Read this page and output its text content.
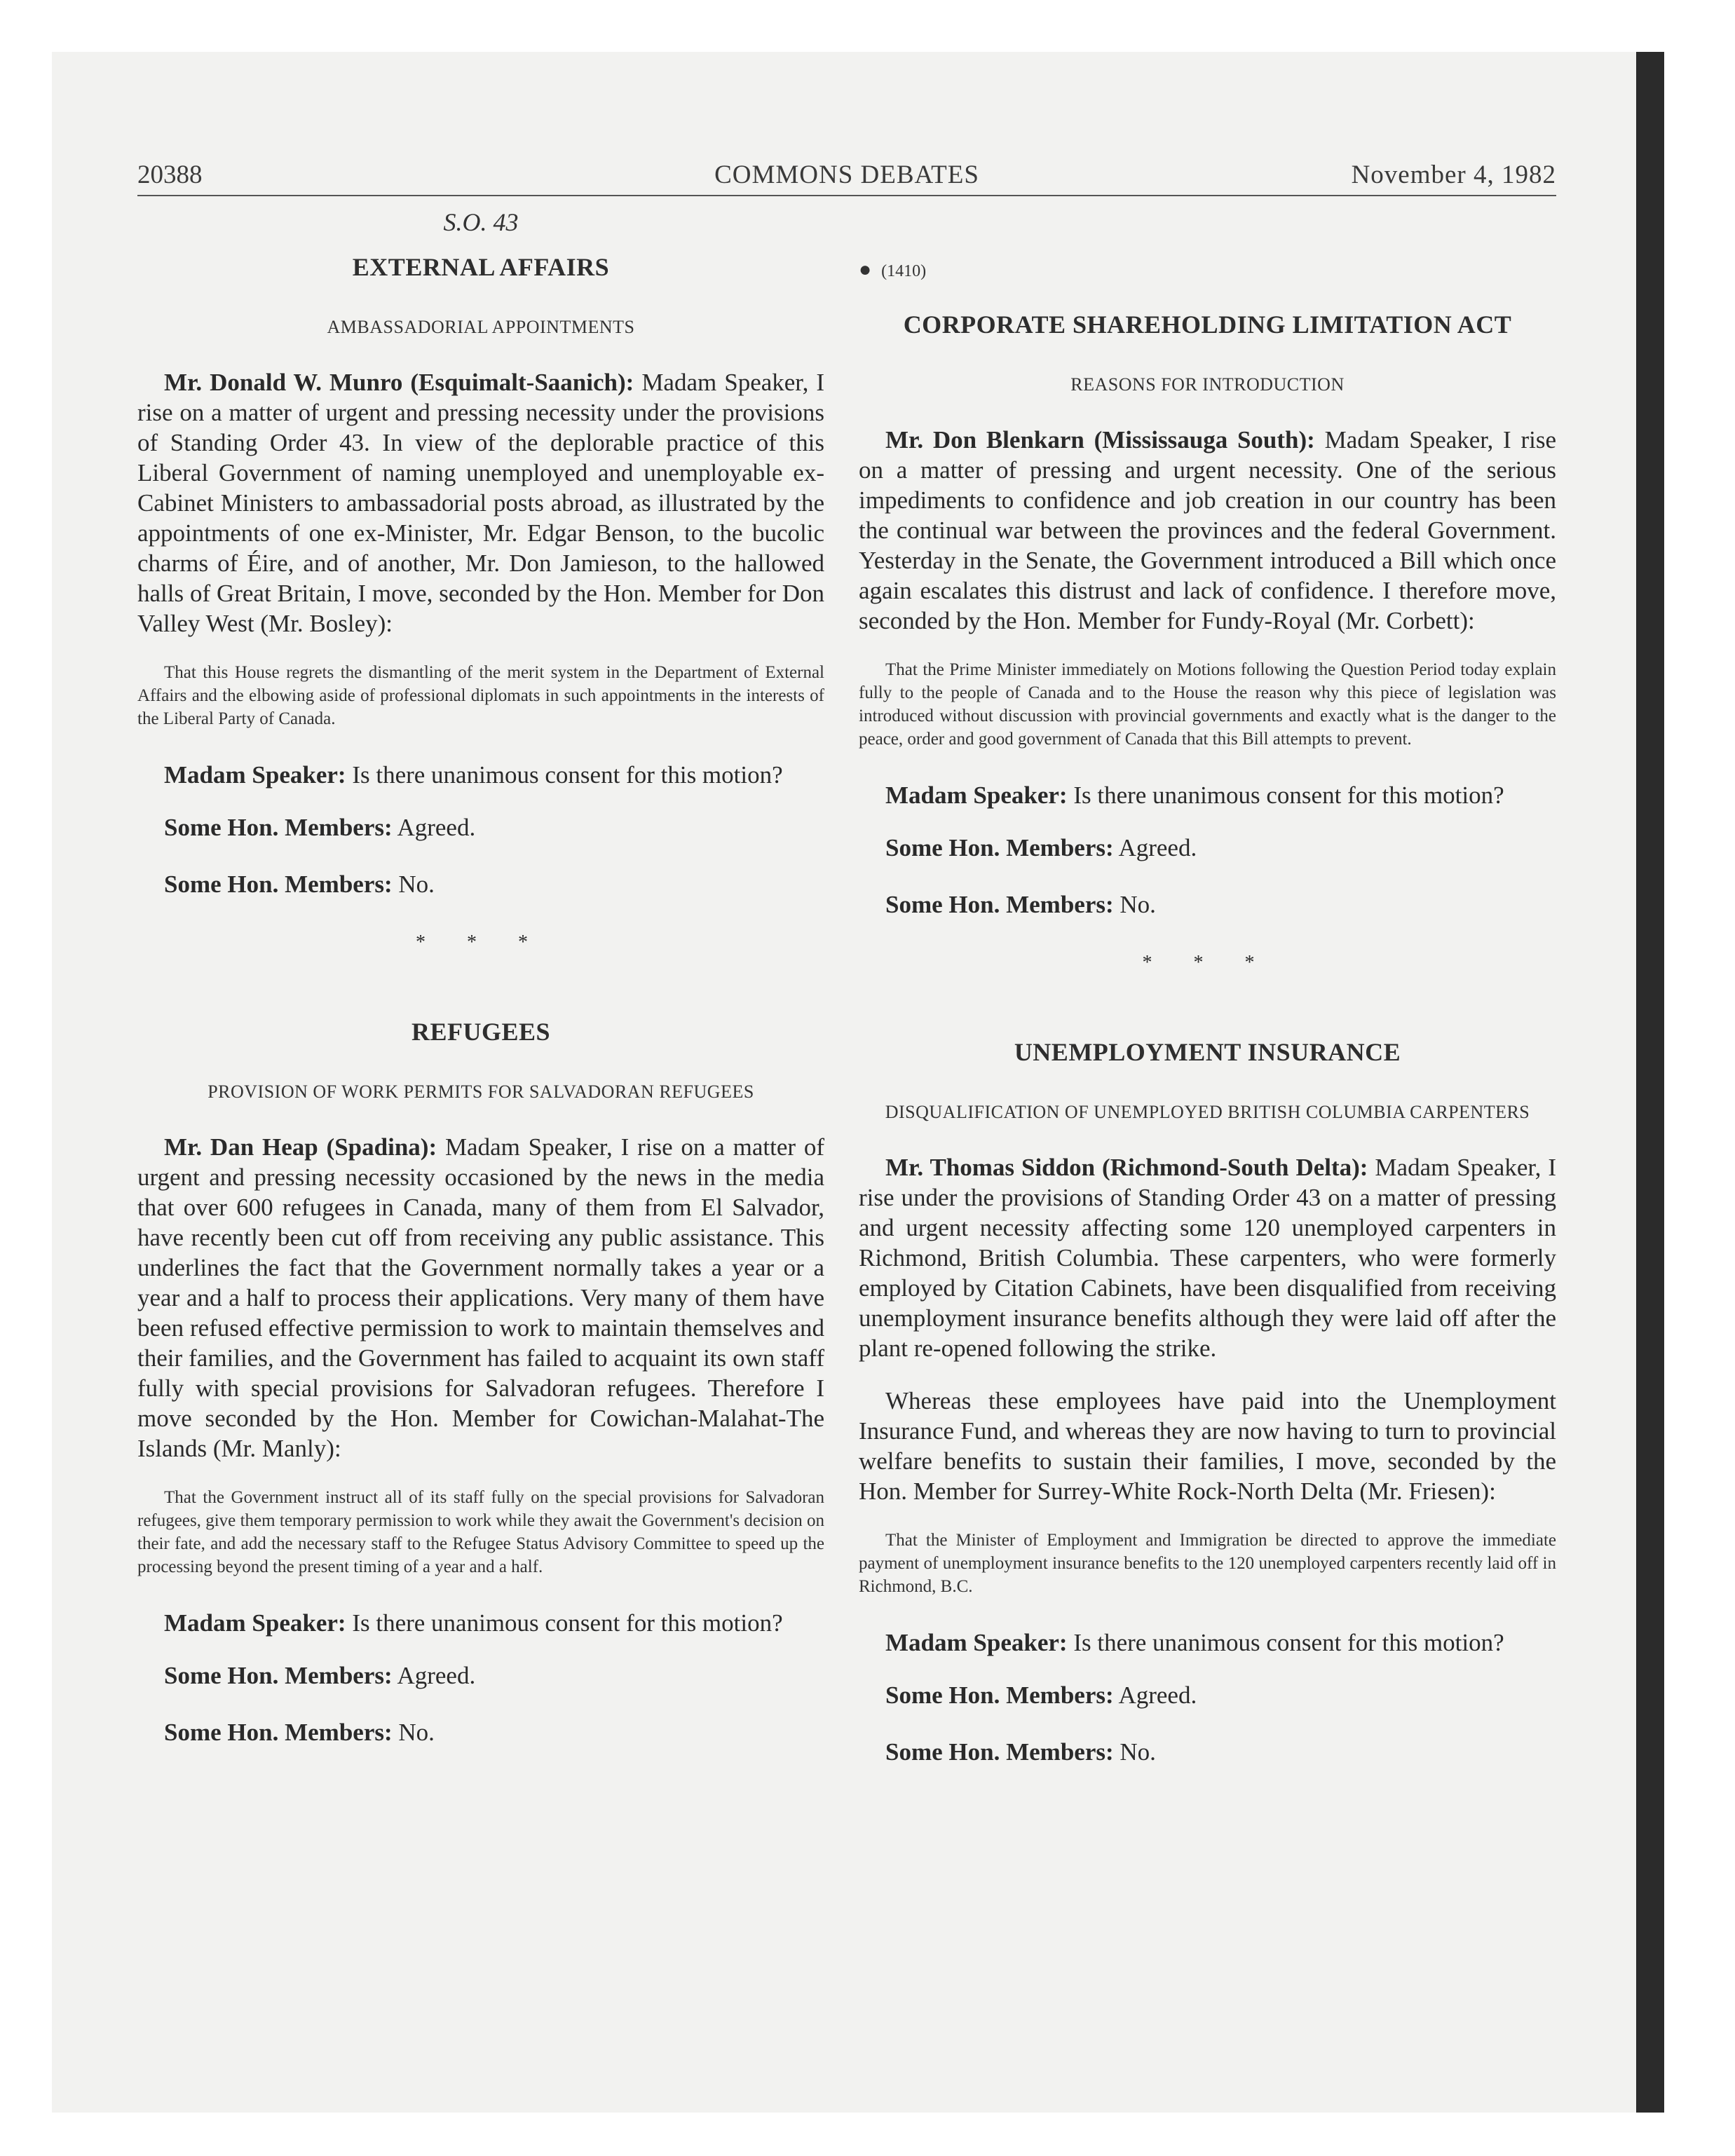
20388	COMMONS DEBATES	November 4, 1982
S.O. 43
EXTERNAL AFFAIRS
AMBASSADORIAL APPOINTMENTS

Mr. Donald W. Munro (Esquimalt-Saanich): Madam Speaker, I rise on a matter of urgent and pressing necessity under the provisions of Standing Order 43. In view of the deplorable practice of this Liberal Government of naming unemployed and unemployable ex-Cabinet Ministers to ambassadorial posts abroad, as illustrated by the appointments of one ex-Minister, Mr. Edgar Benson, to the bucolic charms of Éire, and of another, Mr. Don Jamieson, to the hallowed halls of Great Britain, I move, seconded by the Hon. Member for Don Valley West (Mr. Bosley):

That this House regrets the dismantling of the merit system in the Department of External Affairs and the elbowing aside of professional diplomats in such appointments in the interests of the Liberal Party of Canada.

Madam Speaker: Is there unanimous consent for this motion?

Some Hon. Members: Agreed.

Some Hon. Members: No.

* * *
REFUGEES
PROVISION OF WORK PERMITS FOR SALVADORAN REFUGEES

Mr. Dan Heap (Spadina): Madam Speaker, I rise on a matter of urgent and pressing necessity occasioned by the news in the media that over 600 refugees in Canada, many of them from El Salvador, have recently been cut off from receiving any public assistance. This underlines the fact that the Government normally takes a year or a year and a half to process their applications. Very many of them have been refused effective permission to work to maintain themselves and their families, and the Government has failed to acquaint its own staff fully with special provisions for Salvadoran refugees. Therefore I move seconded by the Hon. Member for Cowichan-Malahat-The Islands (Mr. Manly):

That the Government instruct all of its staff fully on the special provisions for Salvadoran refugees, give them temporary permission to work while they await the Government's decision on their fate, and add the necessary staff to the Refugee Status Advisory Committee to speed up the processing beyond the present timing of a year and a half.

Madam Speaker: Is there unanimous consent for this motion?

Some Hon. Members: Agreed.

Some Hon. Members: No.

● (1410)
CORPORATE SHAREHOLDING LIMITATION ACT
REASONS FOR INTRODUCTION

Mr. Don Blenkarn (Mississauga South): Madam Speaker, I rise on a matter of pressing and urgent necessity. One of the serious impediments to confidence and job creation in our country has been the continual war between the provinces and the federal Government. Yesterday in the Senate, the Government introduced a Bill which once again escalates this distrust and lack of confidence. I therefore move, seconded by the Hon. Member for Fundy-Royal (Mr. Corbett):

That the Prime Minister immediately on Motions following the Question Period today explain fully to the people of Canada and to the House the reason why this piece of legislation was introduced without discussion with provincial governments and exactly what is the danger to the peace, order and good government of Canada that this Bill attempts to prevent.

Madam Speaker: Is there unanimous consent for this motion?

Some Hon. Members: Agreed.

Some Hon. Members: No.

* * *
UNEMPLOYMENT INSURANCE
DISQUALIFICATION OF UNEMPLOYED BRITISH COLUMBIA CARPENTERS

Mr. Thomas Siddon (Richmond-South Delta): Madam Speaker, I rise under the provisions of Standing Order 43 on a matter of pressing and urgent necessity affecting some 120 unemployed carpenters in Richmond, British Columbia. These carpenters, who were formerly employed by Citation Cabinets, have been disqualified from receiving unemployment insurance benefits although they were laid off after the plant re-opened following the strike.

Whereas these employees have paid into the Unemployment Insurance Fund, and whereas they are now having to turn to provincial welfare benefits to sustain their families, I move, seconded by the Hon. Member for Surrey-White Rock-North Delta (Mr. Friesen):

That the Minister of Employment and Immigration be directed to approve the immediate payment of unemployment insurance benefits to the 120 unemployed carpenters recently laid off in Richmond, B.C.

Madam Speaker: Is there unanimous consent for this motion?

Some Hon. Members: Agreed.

Some Hon. Members: No.
